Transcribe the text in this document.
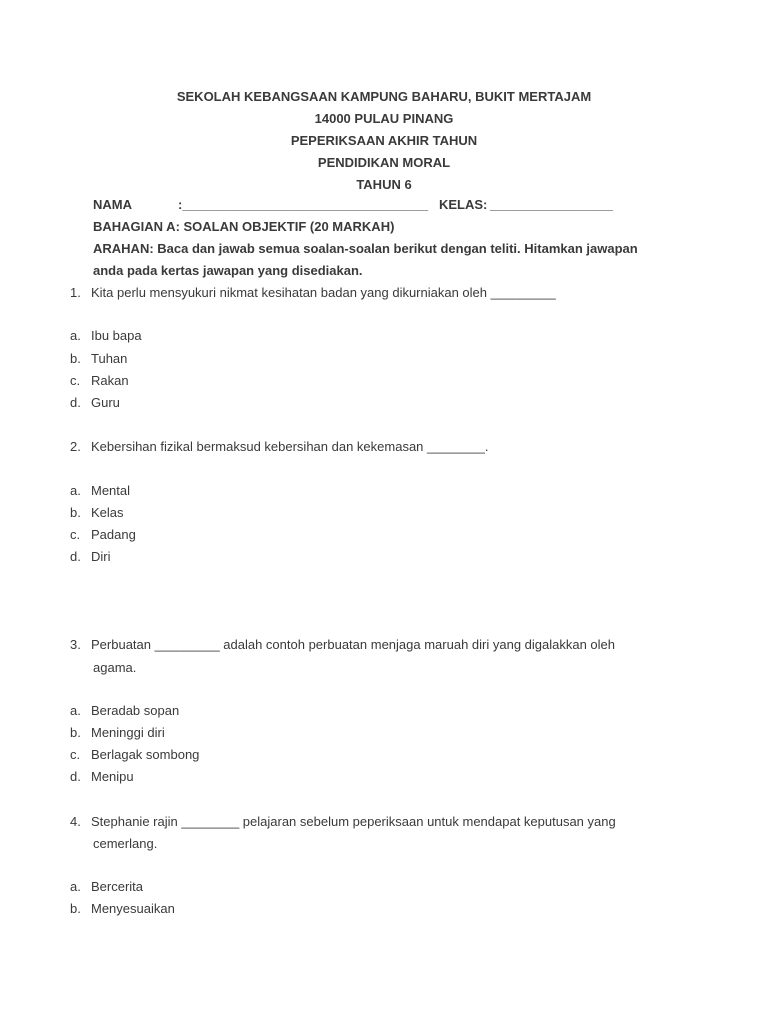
SEKOLAH KEBANGSAAN KAMPUNG BAHARU, BUKIT MERTAJAM
14000 PULAU PINANG
PEPERIKSAAN AKHIR TAHUN
PENDIDIKAN MORAL
TAHUN 6
NAMA	:__________________________________ KELAS: _________________
BAHAGIAN A: SOALAN OBJEKTIF (20 MARKAH)
ARAHAN: Baca dan jawab semua soalan-soalan berikut dengan teliti. Hitamkan jawapan
anda pada kertas jawapan yang disediakan.
1. Kita perlu mensyukuri nikmat kesihatan badan yang dikurniakan oleh _________
a. Ibu bapa
b. Tuhan
c. Rakan
d. Guru
2. Kebersihan fizikal bermaksud kebersihan dan kekemasan ________.
a. Mental
b. Kelas
c. Padang
d. Diri
3. Perbuatan _________ adalah contoh perbuatan menjaga maruah diri yang digalakkan oleh
agama.
a. Beradab sopan
b. Meninggi diri
c. Berlagak sombong
d. Menipu
4. Stephanie rajin ________ pelajaran sebelum peperiksaan untuk mendapat keputusan yang
cemerlang.
a. Bercerita
b. Menyesuaikan
